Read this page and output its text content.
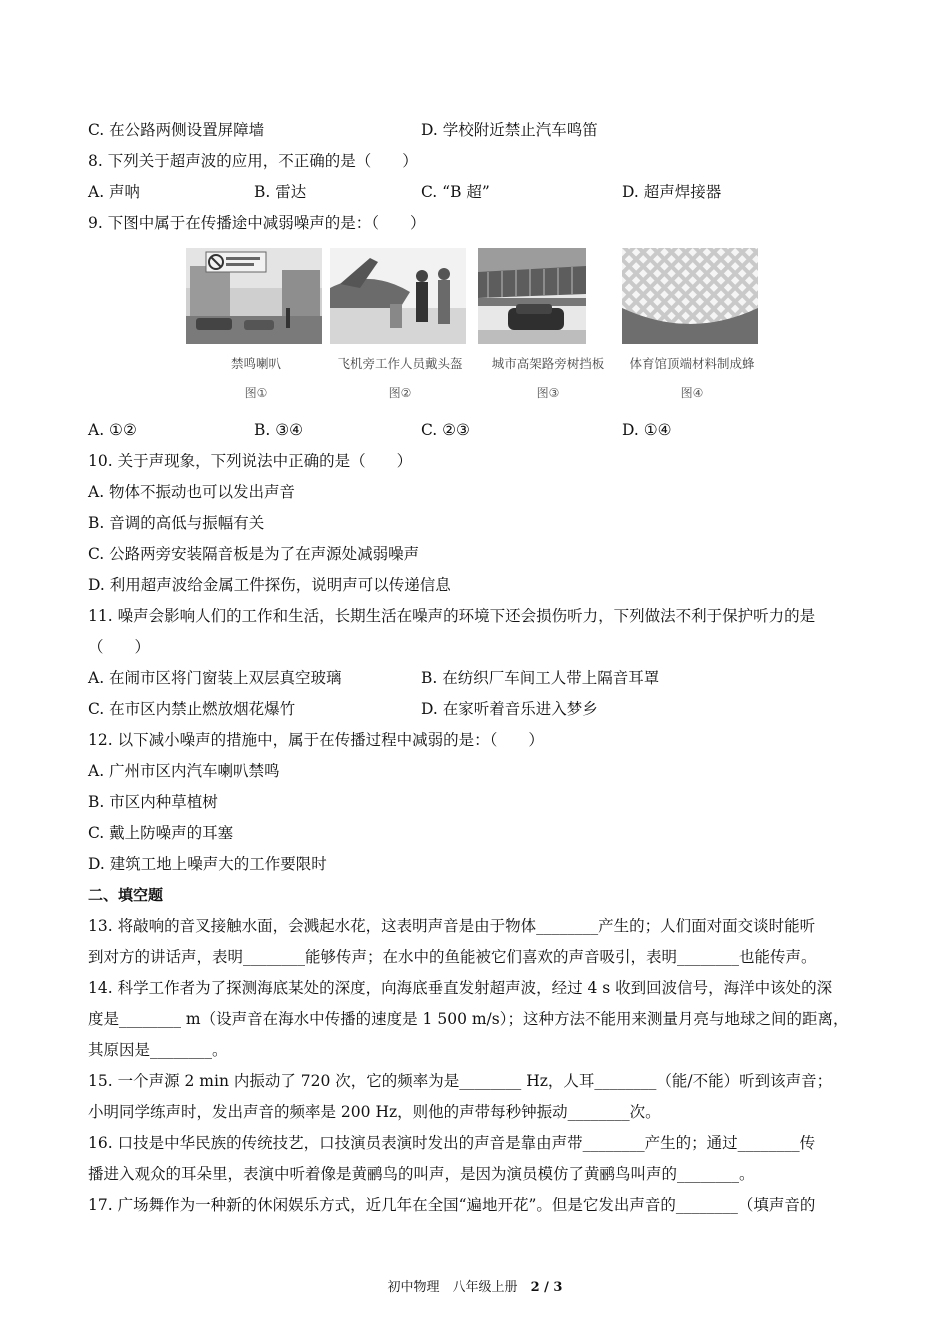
C. 在公路两侧设置屏障墙	D. 学校附近禁止汽车鸣笛
8. 下列关于超声波的应用，不正确的是（　　）
A. 声呐	B. 雷达	C. “B 超”	D. 超声焊接器
9. 下图中属于在传播途中减弱噪声的是：（　　）
禁鸣喇叭
图①
飞机旁工作人员戴头盔
图②
城市高架路旁树挡板
图③
体育馆顶端材料制成蜂
图④
A. ①②	B. ③④	C. ②③	D. ①④
10. 关于声现象，下列说法中正确的是（　　）
A. 物体不振动也可以发出声音
B. 音调的高低与振幅有关
C. 公路两旁安装隔音板是为了在声源处减弱噪声
D. 利用超声波给金属工件探伤，说明声可以传递信息
11. 噪声会影响人们的工作和生活，长期生活在噪声的环境下还会损伤听力，下列做法不利于保护听力的是
（　　）
A. 在闹市区将门窗装上双层真空玻璃	B. 在纺织厂车间工人带上隔音耳罩
C. 在市区内禁止燃放烟花爆竹	D. 在家听着音乐进入梦乡
12. 以下减小噪声的措施中，属于在传播过程中减弱的是：（　　）
A. 广州市区内汽车喇叭禁鸣
B. 市区内种草植树
C. 戴上防噪声的耳塞
D. 建筑工地上噪声大的工作要限时
二、填空题
13. 将敲响的音叉接触水面，会溅起水花，这表明声音是由于物体________产生的；人们面对面交谈时能听
到对方的讲话声，表明________能够传声；在水中的鱼能被它们喜欢的声音吸引，表明________也能传声。
14. 科学工作者为了探测海底某处的深度，向海底垂直发射超声波，经过 4 s 收到回波信号，海洋中该处的深
度是________ m（设声音在海水中传播的速度是 1 500 m/s）；这种方法不能用来测量月亮与地球之间的距离，
其原因是________。
15. 一个声源 2 min 内振动了 720 次，它的频率为是________ Hz，人耳________（能/不能）听到该声音；
小明同学练声时，发出声音的频率是 200 Hz，则他的声带每秒钟振动________次。
16. 口技是中华民族的传统技艺，口技演员表演时发出的声音是靠由声带________产生的；通过________传
播进入观众的耳朵里，表演中听着像是黄鹂鸟的叫声，是因为演员模仿了黄鹂鸟叫声的________。
17. 广场舞作为一种新的休闲娱乐方式，近几年在全国“遍地开花”。但是它发出声音的________（填声音的
初中物理　八年级上册　2 / 3
